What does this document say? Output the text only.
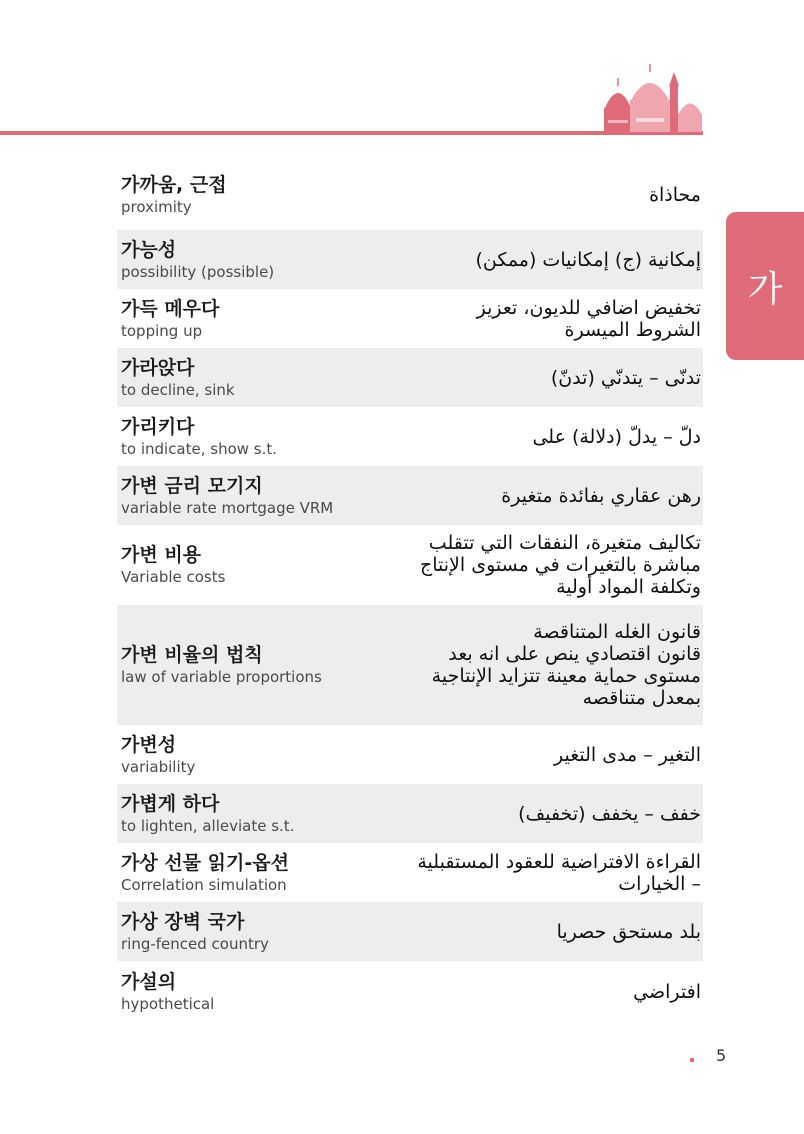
가
가까움, 근접
proximity
محاذاة
가능성
possibility (possible)
إمكانية (ج) إمكانيات (ممكن)
가득 메우다
topping up
تخفيض اضافي للديون، تعزيز
الشروط الميسرة
가라앉다
to decline, sink
تدنّى – يتدنّي (تدنّ)
가리키다
to indicate, show s.t.
دلّ – يدلّ (دلالة) على
가변 금리 모기지
variable rate mortgage VRM
رهن عقاري بفائدة متغيرة
가변 비용
Variable costs
تكاليف متغيرة، النفقات التي تتقلب
مباشرة بالتغيرات في مستوى الإنتاج
وتكلفة المواد أولية
가변 비율의 법칙
law of variable proportions
قانون الغله المتناقصة
قانون اقتصادي ينص على انه بعد
مستوى حماية معينة تتزايد الإنتاجية
بمعدل متناقصه
가변성
variability
التغير – مدى التغير
가볍게 하다
to lighten, alleviate s.t.
خفف – يخفف (تخفيف)
가상 선물 읽기-옵션
Correlation simulation
القراءة الافتراضية للعقود المستقبلية
– الخيارات
가상 장벽 국가
ring-fenced country
بلد مستحق حصريا
가설의
hypothetical
افتراضي
5
